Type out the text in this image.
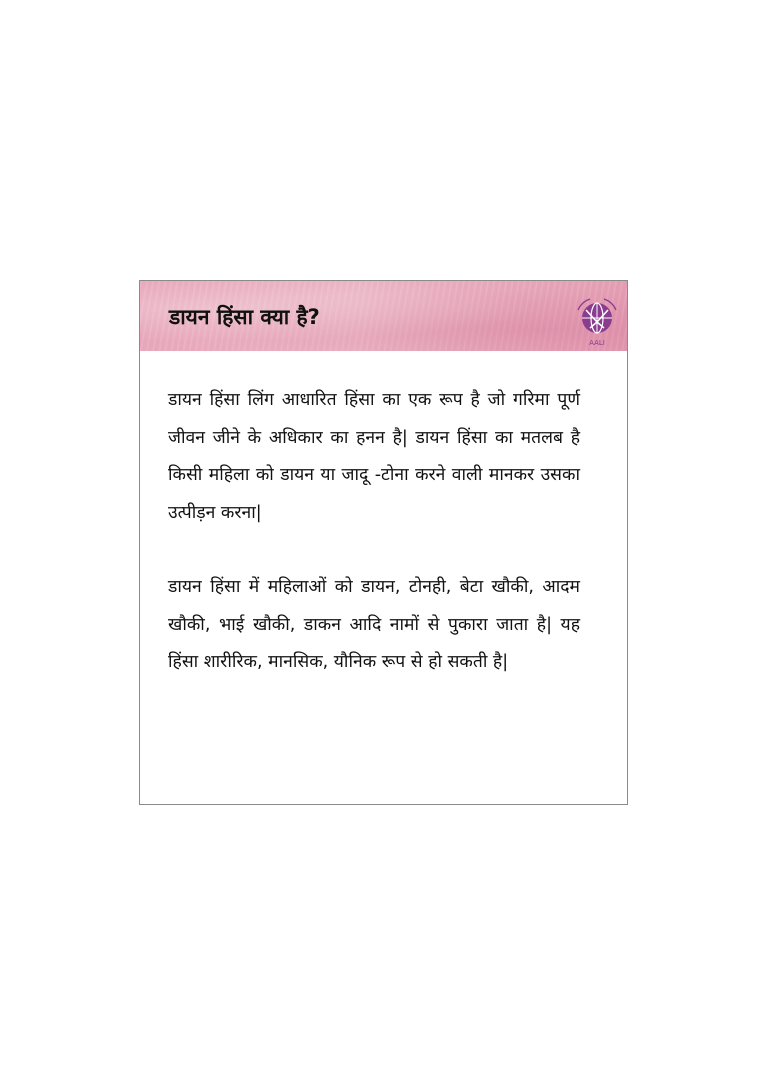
डायन हिंसा क्या है?
AALI

डायन हिंसा लिंग आधारित हिंसा का एक रूप है जो गरिमा पूर्ण जीवन जीने के अधिकार का हनन है| डायन हिंसा का मतलब है किसी महिला को डायन या जादू -टोना करने वाली मानकर उसका उत्पीड़न करना|

डायन हिंसा में महिलाओं को डायन, टोनही, बेटा खौकी, आदम खौकी, भाई खौकी, डाकन आदि नामों से पुकारा जाता है| यह हिंसा शारीरिक, मानसिक, यौनिक रूप से हो सकती है|
